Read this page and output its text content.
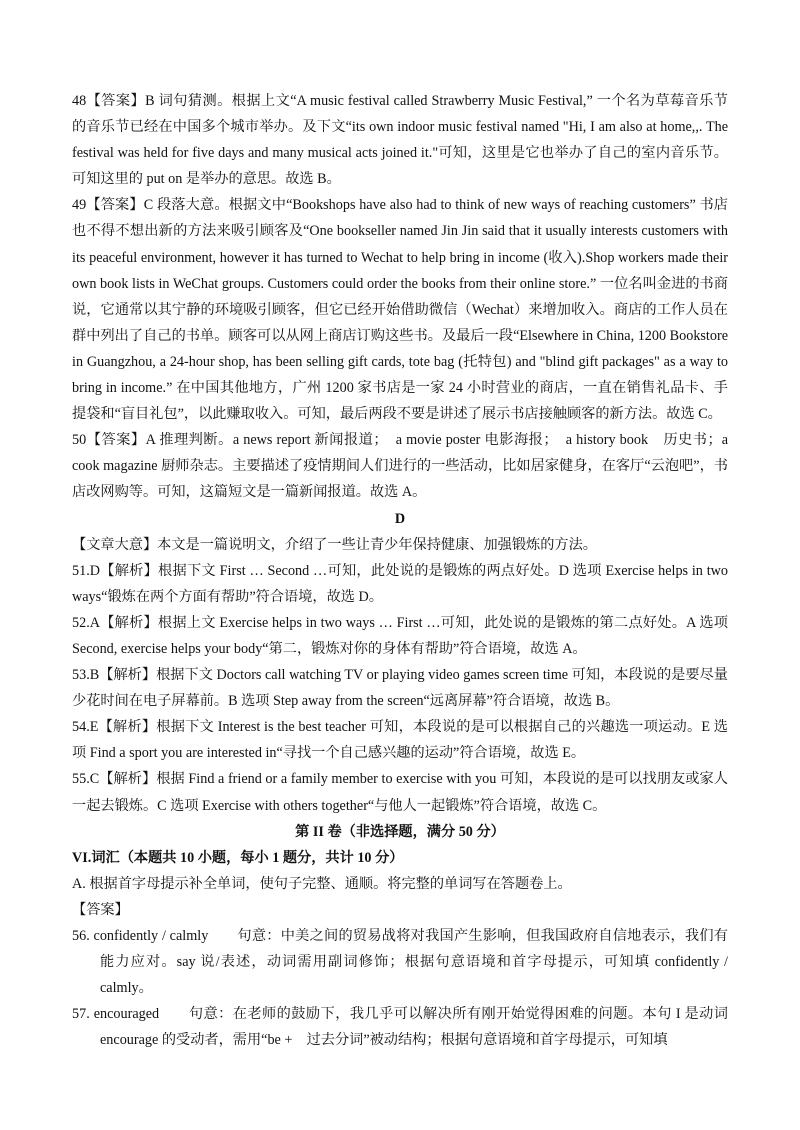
48【答案】B 词句猜测。根据上文“A music festival called Strawberry Music Festival,” 一个名为草莓音乐节的音乐节已经在中国多个城市举办。及下文“its own indoor music festival named "Hi, I am also at home,,. The festival was held for five days and many musical acts joined it."可知，这里是它也举办了自己的室内音乐节。可知这里的 put on 是举办的意思。故选 B。

49【答案】C 段落大意。根据文中“Bookshops have also had to think of new ways of reaching customers” 书店也不得不想出新的方法来吸引顾客及“One bookseller named Jin Jin said that it usually interests customers with its peaceful environment, however it has turned to Wechat to help bring in income (收入).Shop workers made their own book lists in WeChat groups. Customers could order the books from their online store.” 一位名叫金进的书商说，它通常以其宁静的环境吸引顾客，但它已经开始借助微信（Wechat）来增加收入。商店的工作人员在群中列出了自己的书单。顾客可以从网上商店订购这些书。及最后一段“Elsewhere in China, 1200 Bookstore in Guangzhou, a 24-hour shop, has been selling gift cards, tote bag (托特包) and "blind gift packages" as a way to bring in income.” 在中国其他地方，广州 1200 家书店是一家 24 小时营业的商店，一直在销售礼品卡、手提袋和“盲目礼包”，以此赚取收入。可知，最后两段不要是讲述了展示书店接触顾客的新方法。故选 C。

50【答案】A 推理判断。a news report 新闻报道；　a movie poster 电影海报；　a history book　历史书；a cook magazine 厨师杂志。主要描述了疫情期间人们进行的一些活动，比如居家健身，在客厅“云泡吧”，书店改网购等。可知，这篇短文是一篇新闻报道。故选 A。

D

【文章大意】本文是一篇说明文，介绍了一些让青少年保持健康、加强锻炼的方法。

51.D【解析】根据下文 First … Second …可知，此处说的是锻炼的两点好处。D 选项 Exercise helps in two ways“锻炼在两个方面有帮助”符合语境，故选 D。

52.A【解析】根据上文 Exercise helps in two ways … First …可知，此处说的是锻炼的第二点好处。A 选项 Second, exercise helps your body“第二，锻炼对你的身体有帮助”符合语境，故选 A。

53.B【解析】根据下文 Doctors call watching TV or playing video games screen time 可知，本段说的是要尽量少花时间在电子屏幕前。B 选项 Step away from the screen“远离屏幕”符合语境，故选 B。

54.E【解析】根据下文 Interest is the best teacher 可知，本段说的是可以根据自己的兴趣选一项运动。E 选项 Find a sport you are interested in“寻找一个自己感兴趣的运动”符合语境，故选 E。

55.C【解析】根据 Find a friend or a family member to exercise with you 可知，本段说的是可以找朋友或家人一起去锻炼。C 选项 Exercise with others together“与他人一起锻炼”符合语境，故选 C。

第 II 卷（非选择题，满分 50 分）

VI.词汇（本题共 10 小题，每小 1 题分，共计 10 分）

A. 根据首字母提示补全单词，使句子完整、通顺。将完整的单词写在答题卷上。

【答案】

56. confidently / calmly　　句意：中美之间的贸易战将对我国产生影响，但我国政府自信地表示，我们有能力应对。say 说/表述，动词需用副词修饰；根据句意语境和首字母提示，可知填 confidently / calmly。

57. encouraged　　句意：在老师的鼓励下，我几乎可以解决所有刚开始觉得困难的问题。本句 I 是动词 encourage 的受动者，需用“be +　过去分词”被动结构；根据句意语境和首字母提示，可知填
